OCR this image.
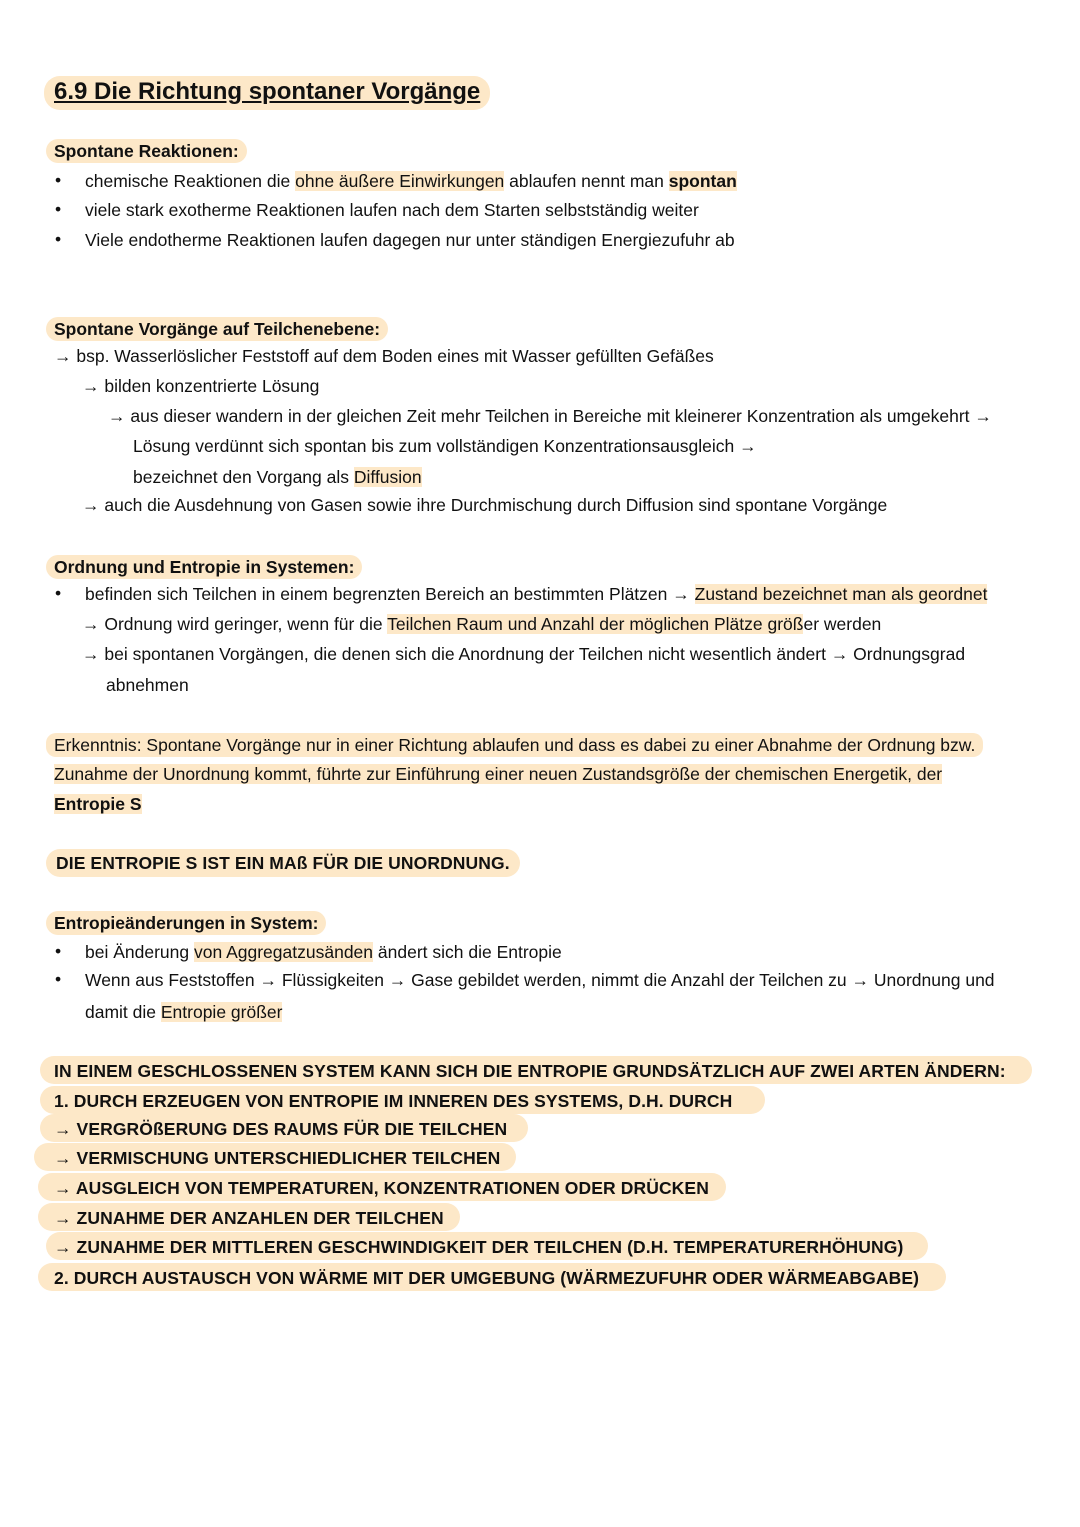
6.9 Die Richtung spontaner Vorgänge
Spontane Reaktionen:
• chemische Reaktionen die ohne äußere Einwirkungen ablaufen nennt man spontan
• viele stark exotherme Reaktionen laufen nach dem Starten selbstständig weiter
• Viele endotherme Reaktionen laufen dagegen nur unter ständigen Energiezufuhr ab
Spontane Vorgänge auf Teilchenebene:
→ bsp. Wasserlöslicher Feststoff auf dem Boden eines mit Wasser gefüllten Gefäßes
→ bilden konzentrierte Lösung
→ aus dieser wandern in der gleichen Zeit mehr Teilchen in Bereiche mit kleinerer Konzentration als umgekehrt →
Lösung verdünnt sich spontan bis zum vollständigen Konzentrationsausgleich →
bezeichnet den Vorgang als Diffusion
→ auch die Ausdehnung von Gasen sowie ihre Durchmischung durch Diffusion sind spontane Vorgänge
Ordnung und Entropie in Systemen:
• befinden sich Teilchen in einem begrenzten Bereich an bestimmten Plätzen → Zustand bezeichnet man als geordnet
→ Ordnung wird geringer, wenn für die Teilchen Raum und Anzahl der möglichen Plätze größer werden
→ bei spontanen Vorgängen, die denen sich die Anordnung der Teilchen nicht wesentlich ändert → Ordnungsgrad
abnehmen
Erkenntnis: Spontane Vorgänge nur in einer Richtung ablaufen und dass es dabei zu einer Abnahme der Ordnung bzw.
Zunahme der Unordnung kommt, führte zur Einführung einer neuen Zustandsgröße der chemischen Energetik, der
Entropie S
DIE ENTROPIE S IST EIN MAß FÜR DIE UNORDNUNG.
Entropieänderungen in System:
• bei Änderung von Aggregatzusänden ändert sich die Entropie
• Wenn aus Feststoffen → Flüssigkeiten → Gase gebildet werden, nimmt die Anzahl der Teilchen zu → Unordnung und
damit die Entropie größer
IN EINEM GESCHLOSSENEN SYSTEM KANN SICH DIE ENTROPIE GRUNDSÄTZLICH AUF ZWEI ARTEN ÄNDERN:
1. DURCH ERZEUGEN VON ENTROPIE IM INNEREN DES SYSTEMS, D.H. DURCH
→ VERGRÖßERUNG DES RAUMS FÜR DIE TEILCHEN
→ VERMISCHUNG UNTERSCHIEDLICHER TEILCHEN
→ AUSGLEICH VON TEMPERATUREN, KONZENTRATIONEN ODER DRÜCKEN
→ ZUNAHME DER ANZAHLEN DER TEILCHEN
→ ZUNAHME DER MITTLEREN GESCHWINDIGKEIT DER TEILCHEN (D.H. TEMPERATURERHÖHUNG)
2. DURCH AUSTAUSCH VON WÄRME MIT DER UMGEBUNG (WÄRMEZUFUHR ODER WÄRMEABGABE)
